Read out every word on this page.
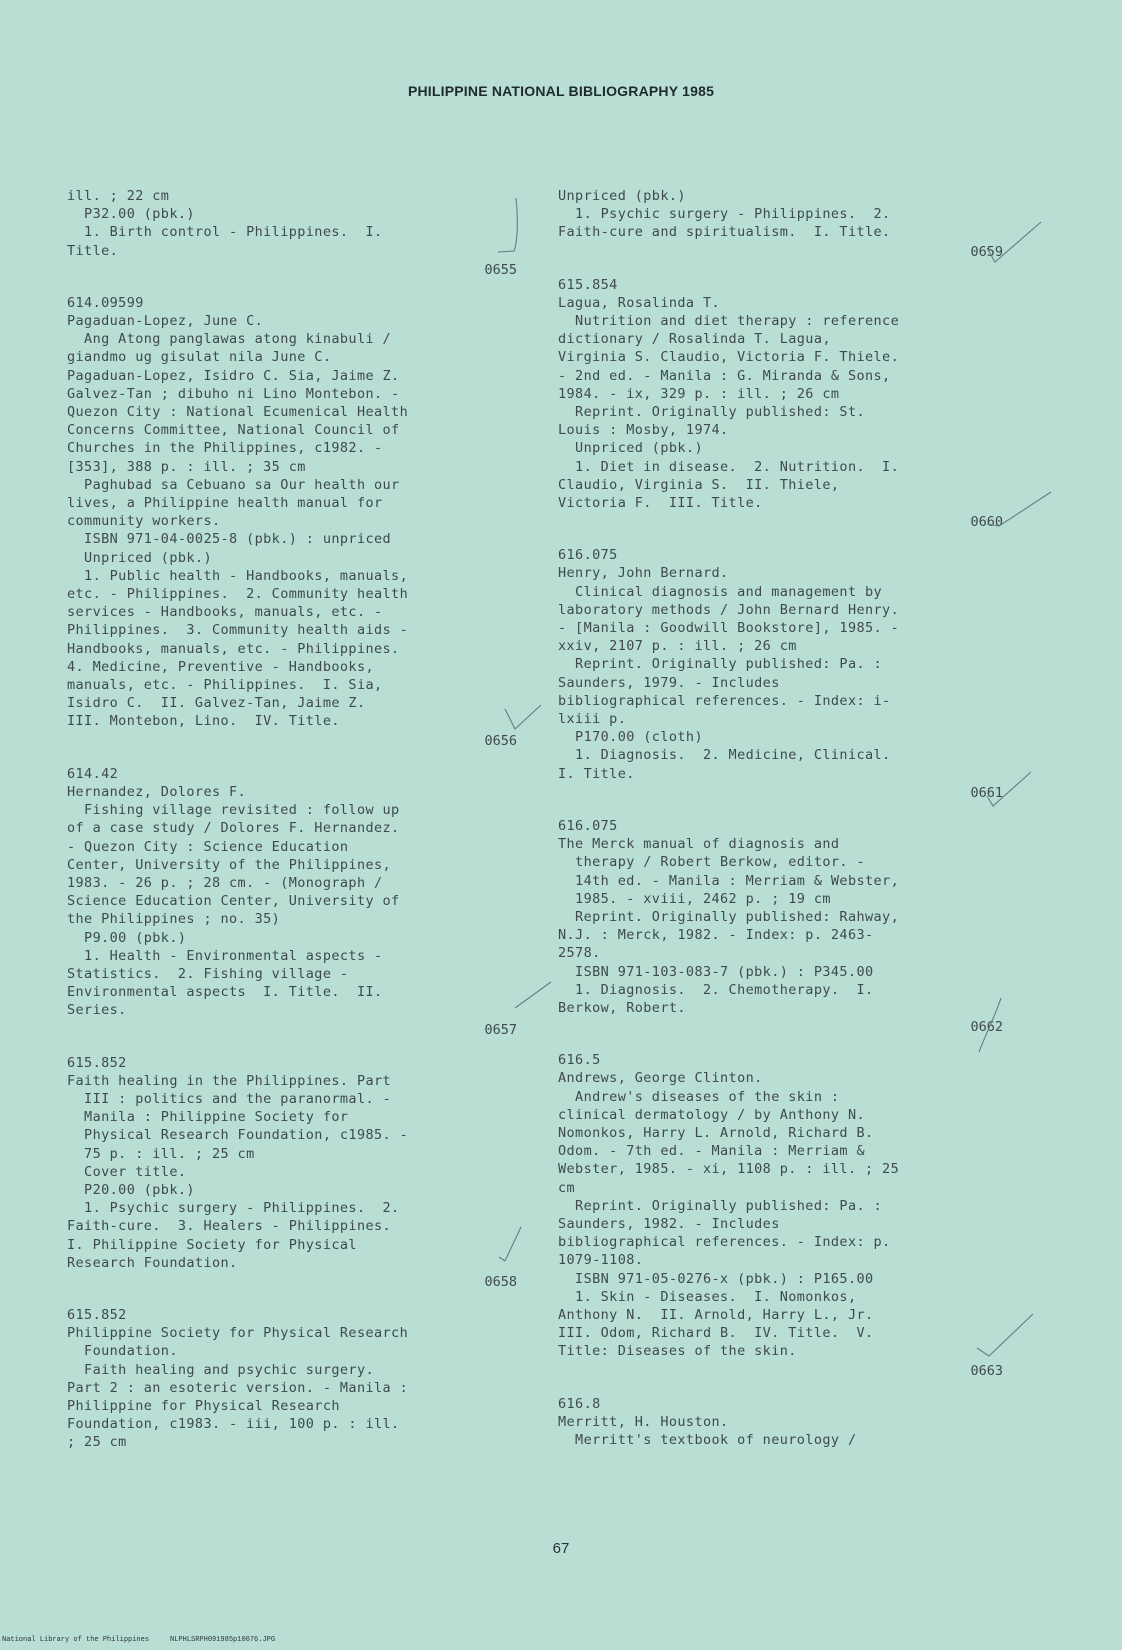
PHILIPPINE NATIONAL BIBLIOGRAPHY 1985
ill. ; 22 cm
P32.00 (pbk.)
1. Birth control - Philippines.  I.
Title.
0655
614.09599
Pagaduan-Lopez, June C.
Ang Atong panglawas atong kinabuli /
giandmo ug gisulat nila June C.
Pagaduan-Lopez, Isidro C. Sia, Jaime Z.
Galvez-Tan ; dibuho ni Lino Montebon. -
Quezon City : National Ecumenical Health
Concerns Committee, National Council of
Churches in the Philippines, c1982. -
[353], 388 p. : ill. ; 35 cm
Paghubad sa Cebuano sa Our health our
lives, a Philippine health manual for
community workers.
ISBN 971-04-0025-8 (pbk.) : unpriced
Unpriced (pbk.)
1. Public health - Handbooks, manuals,
etc. - Philippines.  2. Community health
services - Handbooks, manuals, etc. -
Philippines.  3. Community health aids -
Handbooks, manuals, etc. - Philippines.
4. Medicine, Preventive - Handbooks,
manuals, etc. - Philippines.  I. Sia,
Isidro C.  II. Galvez-Tan, Jaime Z.
III. Montebon, Lino.  IV. Title.
0656
614.42
Hernandez, Dolores F.
Fishing village revisited : follow up
of a case study / Dolores F. Hernandez.
- Quezon City : Science Education
Center, University of the Philippines,
1983. - 26 p. ; 28 cm. - (Monograph /
Science Education Center, University of
the Philippines ; no. 35)
P9.00 (pbk.)
1. Health - Environmental aspects -
Statistics.  2. Fishing village -
Environmental aspects  I. Title.  II.
Series.
0657
615.852
Faith healing in the Philippines. Part
III : politics and the paranormal. -
Manila : Philippine Society for
Physical Research Foundation, c1985. -
75 p. : ill. ; 25 cm
Cover title.
P20.00 (pbk.)
1. Psychic surgery - Philippines.  2.
Faith-cure.  3. Healers - Philippines.
I. Philippine Society for Physical
Research Foundation.
0658
615.852
Philippine Society for Physical Research
Foundation.
Faith healing and psychic surgery.
Part 2 : an esoteric version. - Manila :
Philippine for Physical Research
Foundation, c1983. - iii, 100 p. : ill.
; 25 cm
Unpriced (pbk.)
1. Psychic surgery - Philippines.  2.
Faith-cure and spiritualism.  I. Title.
0659
615.854
Lagua, Rosalinda T.
Nutrition and diet therapy : reference
dictionary / Rosalinda T. Lagua,
Virginia S. Claudio, Victoria F. Thiele.
- 2nd ed. - Manila : G. Miranda & Sons,
1984. - ix, 329 p. : ill. ; 26 cm
Reprint. Originally published: St.
Louis : Mosby, 1974.
Unpriced (pbk.)
1. Diet in disease.  2. Nutrition.  I.
Claudio, Virginia S.  II. Thiele,
Victoria F.  III. Title.
0660
616.075
Henry, John Bernard.
Clinical diagnosis and management by
laboratory methods / John Bernard Henry.
- [Manila : Goodwill Bookstore], 1985. -
xxiv, 2107 p. : ill. ; 26 cm
Reprint. Originally published: Pa. :
Saunders, 1979. - Includes
bibliographical references. - Index: i-
lxiii p.
P170.00 (cloth)
1. Diagnosis.  2. Medicine, Clinical.
I. Title.
0661
616.075
The Merck manual of diagnosis and
therapy / Robert Berkow, editor. -
14th ed. - Manila : Merriam & Webster,
1985. - xviii, 2462 p. ; 19 cm
Reprint. Originally published: Rahway,
N.J. : Merck, 1982. - Index: p. 2463-
2578.
ISBN 971-103-083-7 (pbk.) : P345.00
1. Diagnosis.  2. Chemotherapy.  I.
Berkow, Robert.
0662
616.5
Andrews, George Clinton.
Andrew's diseases of the skin :
clinical dermatology / by Anthony N.
Nomonkos, Harry L. Arnold, Richard B.
Odom. - 7th ed. - Manila : Merriam &
Webster, 1985. - xi, 1108 p. : ill. ; 25
cm
Reprint. Originally published: Pa. :
Saunders, 1982. - Includes
bibliographical references. - Index: p.
1079-1108.
ISBN 971-05-0276-x (pbk.) : P165.00
1. Skin - Diseases.  I. Nomonkos,
Anthony N.  II. Arnold, Harry L., Jr.
III. Odom, Richard B.  IV. Title.  V.
Title: Diseases of the skin.
0663
616.8
Merritt, H. Houston.
Merritt's textbook of neurology /
67
National Library of the Philippines     NLPHLSRPH091985p10076.JPG
